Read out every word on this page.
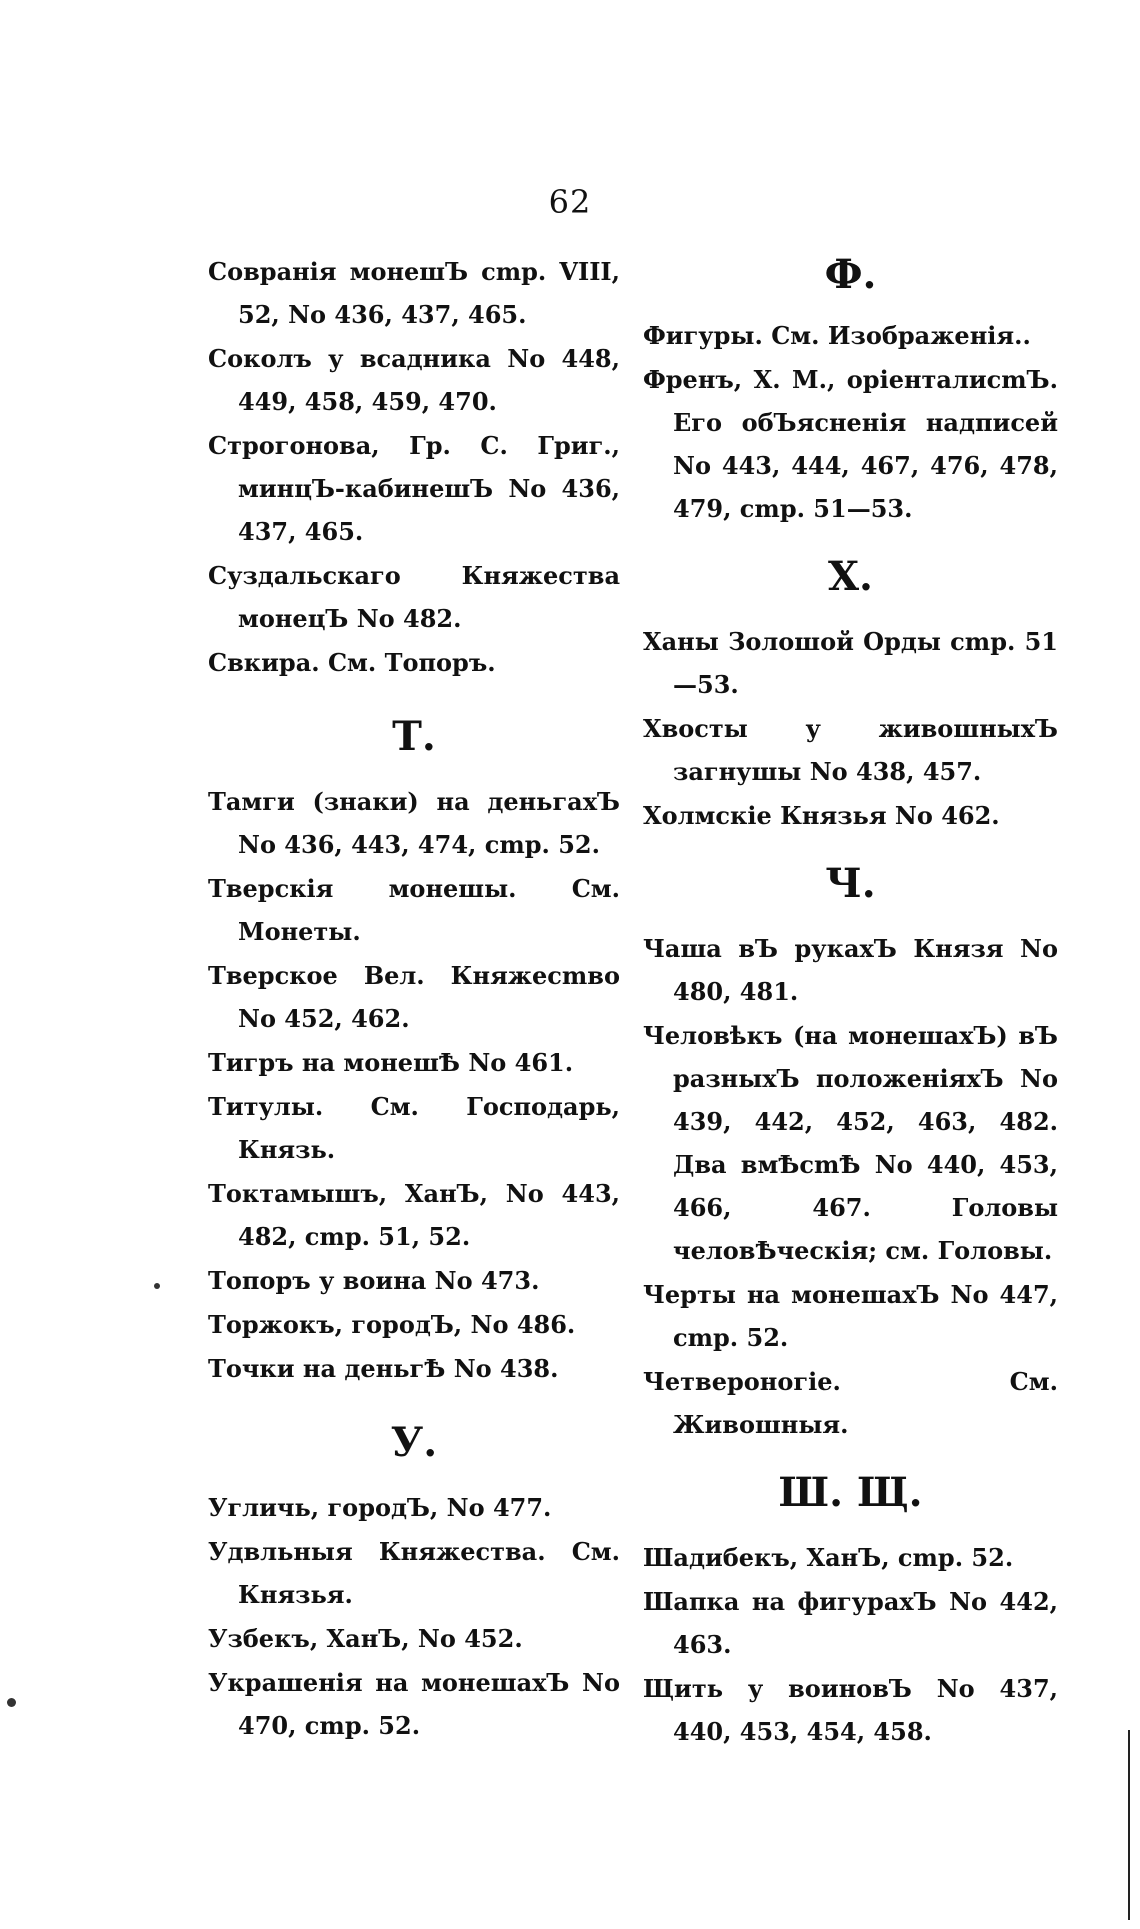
62
Совранія монешЪ сmр. VIII, 52, No 436, 437, 465.
Соколъ у всадника No 448, 449, 458, 459, 470.
Строгонова, Гр. С. Григ., минцЪ-кабинешЪ No 436, 437, 465.
Суздальскаго Княжества монецЪ No 482.
Свкира. См. Топоръ.
Т.
Тамги (знаки) на деньгахЪ No 436, 443, 474, сmр. 52.
Тверскія монешы. См. Монеты.
Тверское Вел. Княжесmво No 452, 462.
Тигръ на монешѢ No 461.
Титулы. См. Господарь, Князь.
Токтамышъ, ХанЪ, No 443, 482, сmр. 51, 52.
Топоръ у воина No 473.
Торжокъ, городЪ, No 486.
Точки на деньгѢ No 438.
У.
Угличь, городЪ, No 477.
Удвльныя Княжества. См. Князья.
Узбекъ, ХанЪ, No 452.
Украшенія на монешахЪ No 470, сmр. 52.
Ф.
Фигуры. См. Изображенія..
Френъ, Х. М., оріенталисmЪ. Его обЪясненія надписей No 443, 444, 467, 476, 478, 479, сmр. 51—53.
Х.
Ханы Золошой Орды сmр. 51—53.
Хвосты у живошныхЪ загнушы No 438, 457.
Холмскіе Князья No 462.
Ч.
Чаша вЪ рукахЪ Князя No 480, 481.
Человѣкъ (на монешахЪ) вЪ разныхЪ положеніяхЪ No 439, 442, 452, 463, 482. Два вмѢсmѢ No 440, 453, 466, 467. Головы человѢческія; см. Головы.
Черты на монешахЪ No 447, сmр. 52.
Четвероногіе. См. Живошныя.
Ш. Щ.
Шадибекъ, ХанЪ, сmр. 52.
Шапка на фигурахЪ No 442, 463.
Щить у воиновЪ No 437, 440, 453, 454, 458.
